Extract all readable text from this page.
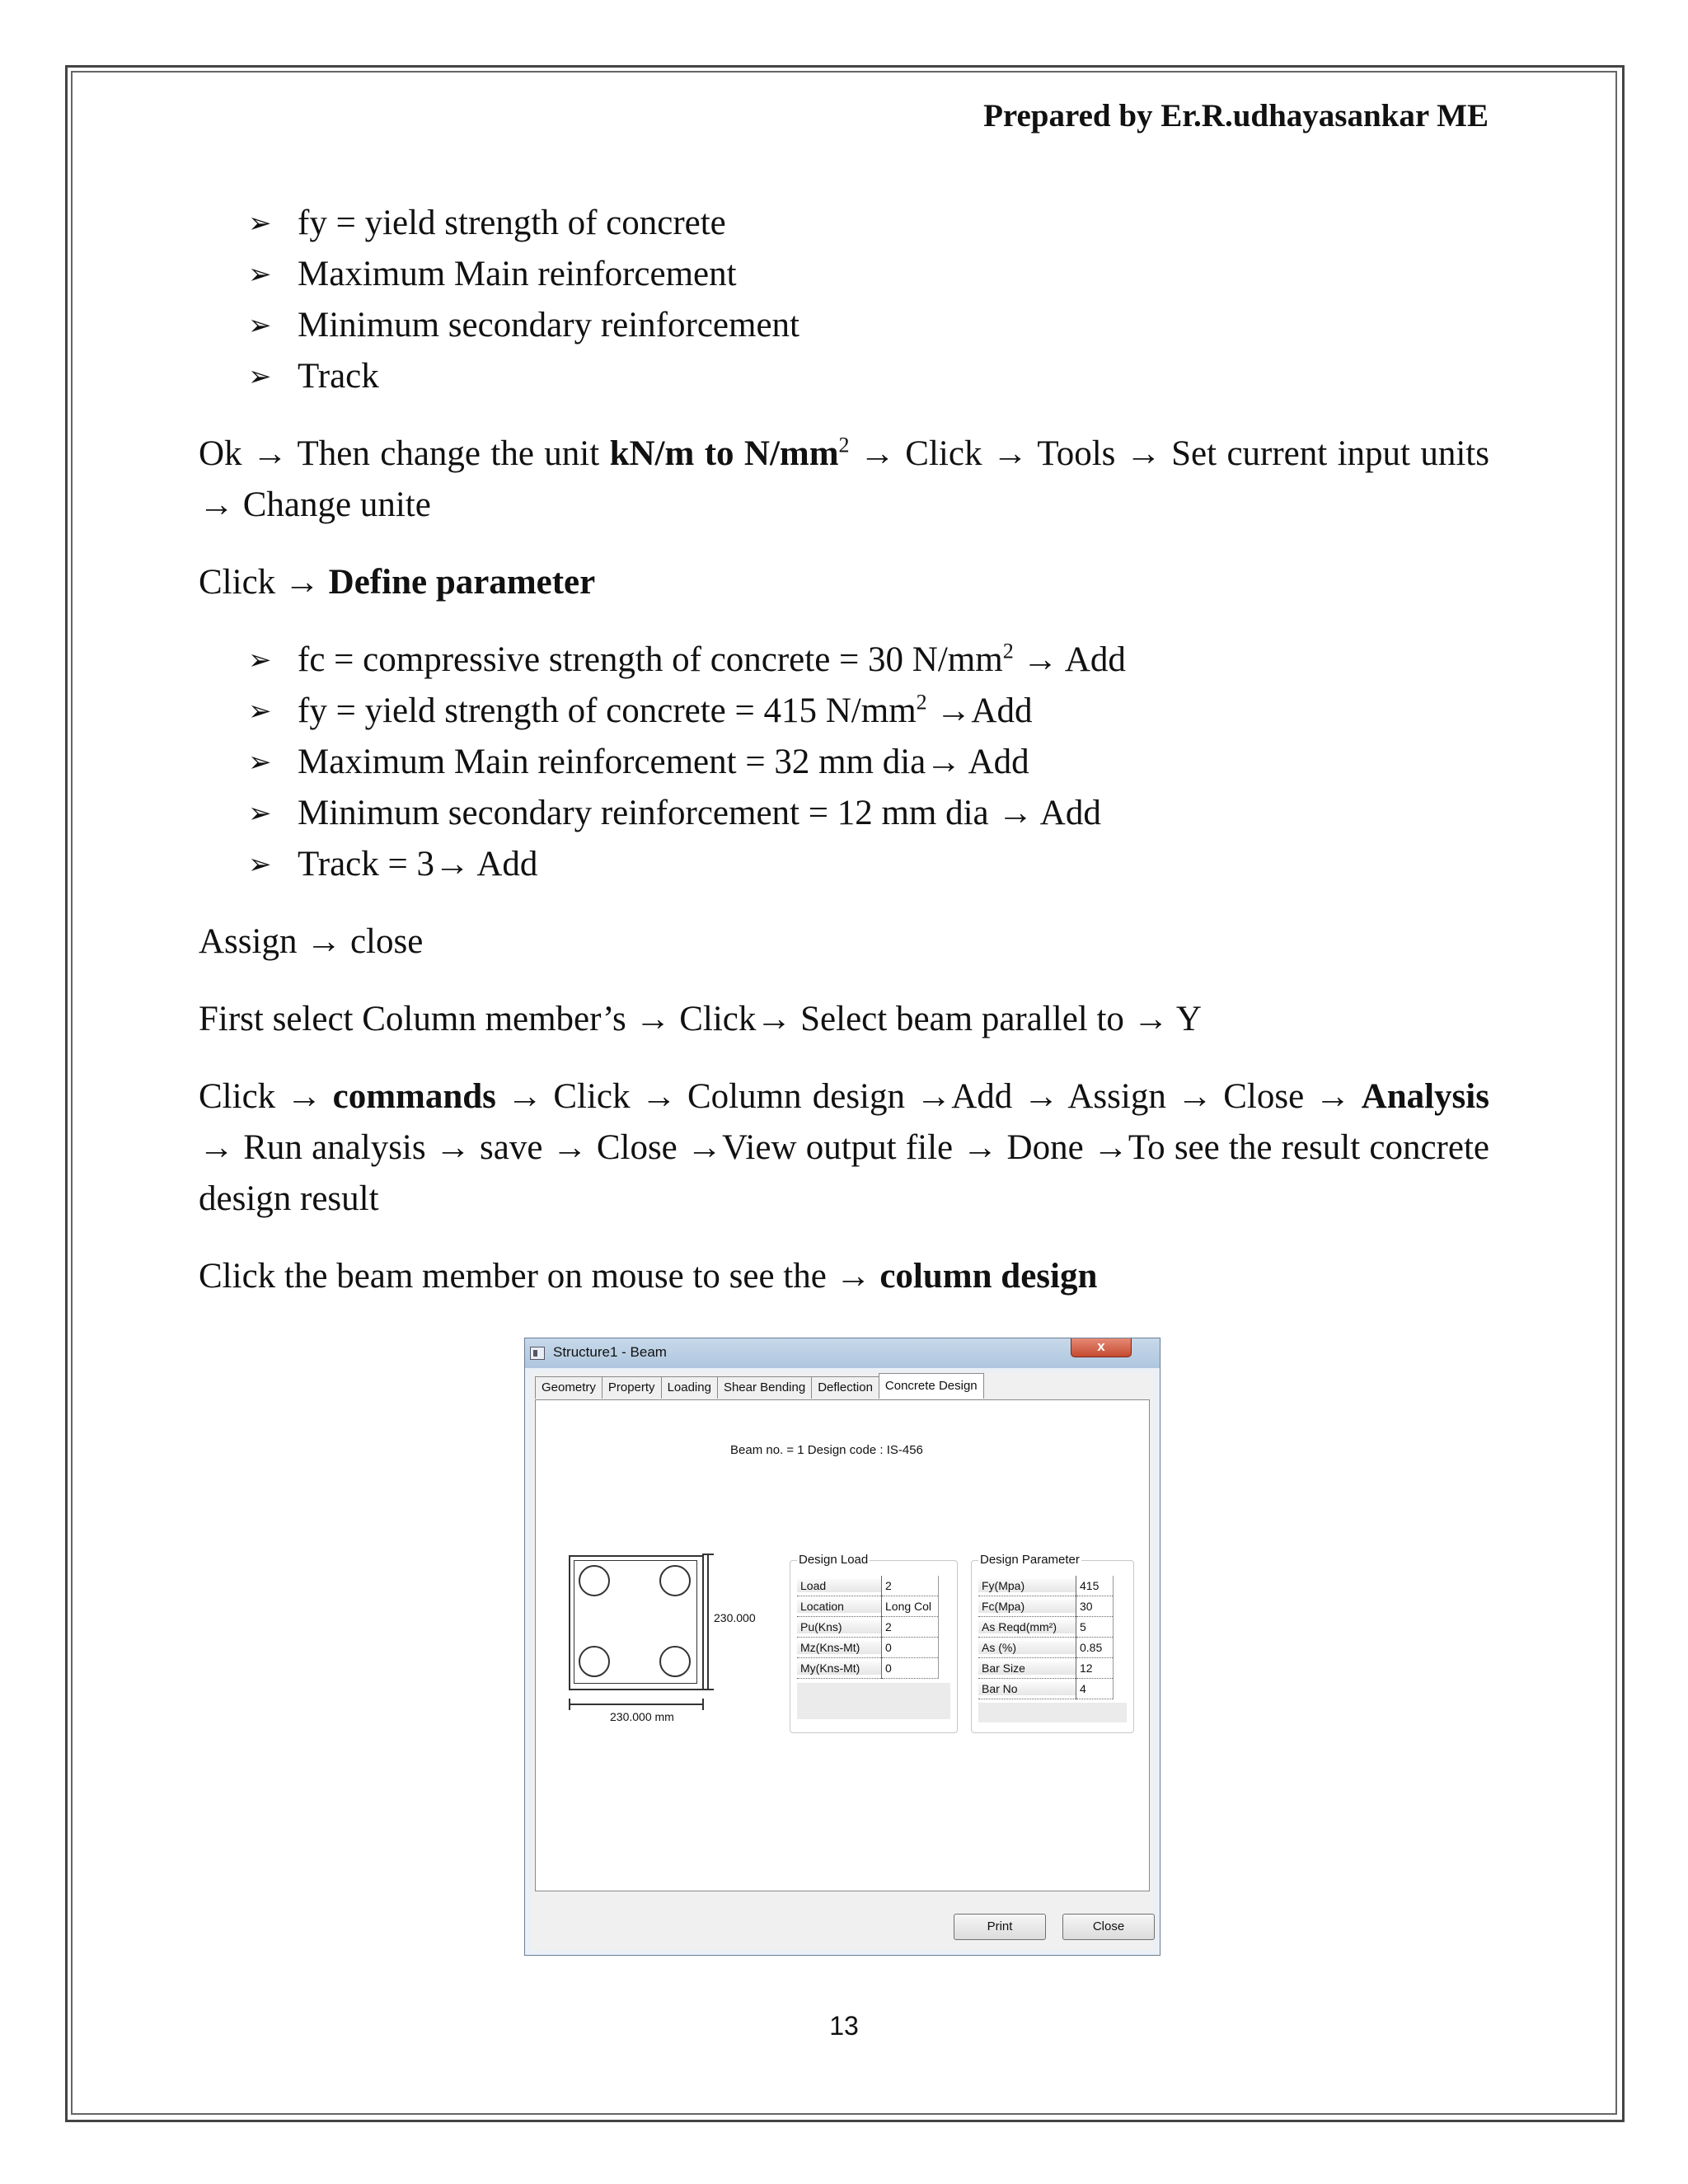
Prepared by Er.R.udhayasankar ME
➢ fy = yield strength of concrete
➢ Maximum Main reinforcement
➢ Minimum secondary reinforcement
➢ Track

Ok → Then change the unit kN/m to $N/mm^2$ → Click → Tools → Set current input units → Change unite

Click → Define parameter

➢ fc = compressive strength of concrete = 30 $N/mm^2$ → Add
➢ fy = yield strength of concrete = 415 $N/mm^2 \to Add$
➢ Maximum Main reinforcement = 32 mm dia→ Add
➢ Minimum secondary reinforcement = 12 mm dia → Add
➢ Track = 3→ Add

Assign → close

First select Column member’s → Click→ Select beam parallel to → Y

Click → commands → Click → Column design →Add → Assign → Close → Analysis → Run analysis → save → Close →View output file → Done →To see the result concrete design result

Click the beam member on mouse to see the → column design

Structure1 - Beam	x
Geometry	Property	Loading	Shear Bending	Deflection	Concrete Design
Beam no. = 1 Design code : IS-456
230.000
230.000 mm
Design Load
Load	2

Location	Long Col

Pu(Kns)	2

Mz(Kns-Mt)	0

My(Kns-Mt)	0
Design Parameter
Fy(Mpa)	415

Fc(Mpa)	30

As Reqd(mm²)	5

As (%)	0.85

Bar Size	12

Bar No	4
Print	Close
13
